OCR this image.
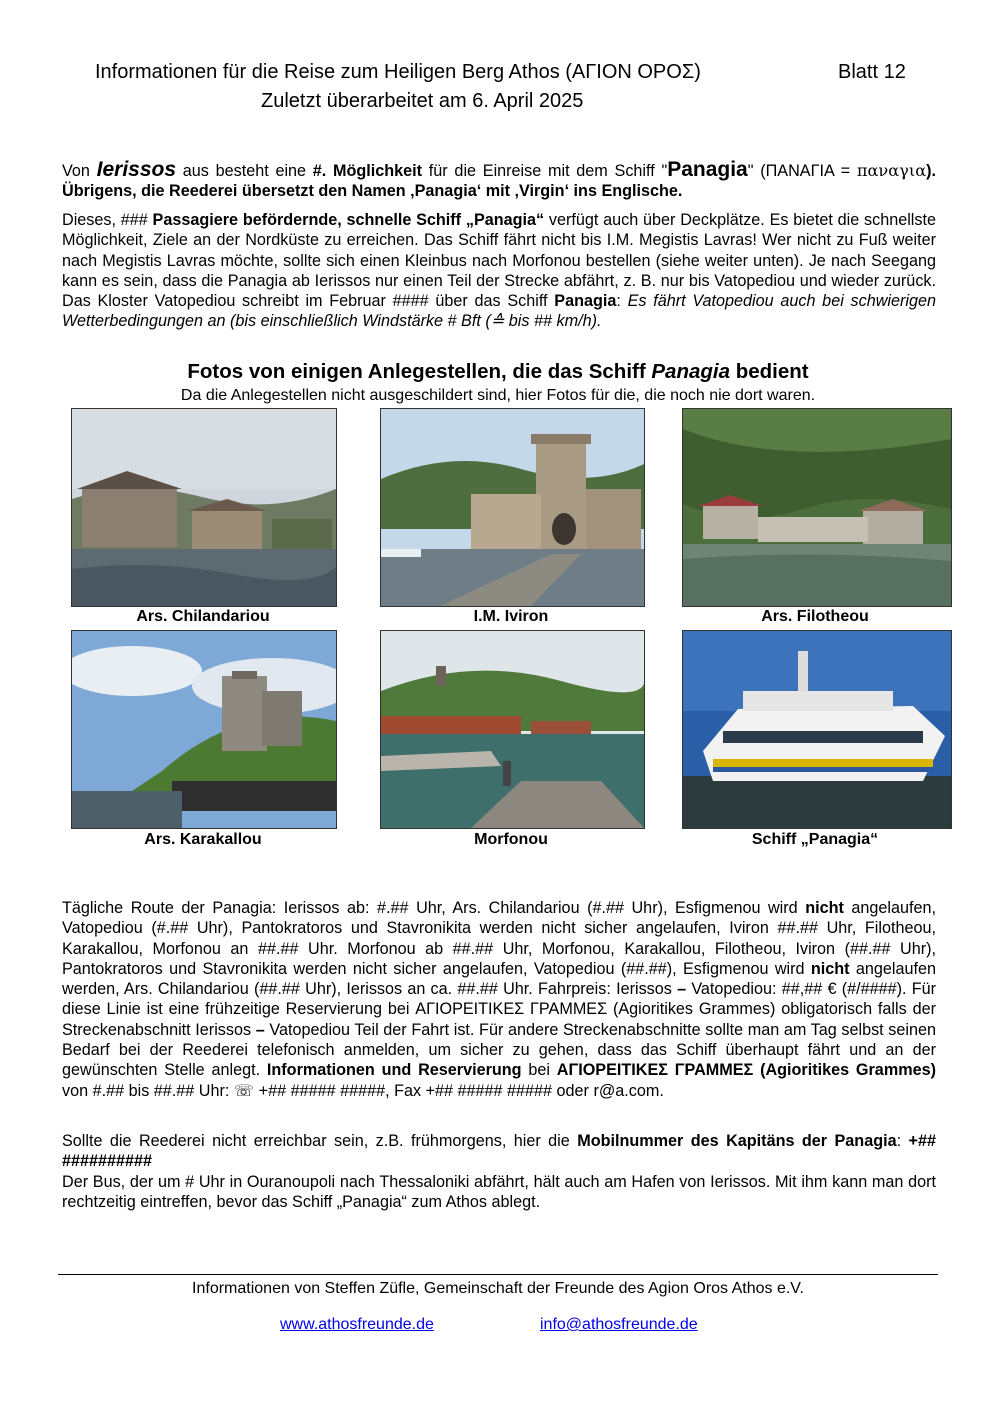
Informationen für die Reise zum Heiligen Berg Athos (ΑΓΙΟΝ ΟΡΟΣ)	Blatt 12
Zuletzt überarbeitet am 6. April 2025
Von Ierissos aus besteht eine #. Möglichkeit für die Einreise mit dem Schiff "Panagia" (ΠΑΝΑΓΙΑ = παναγια). Übrigens, die Reederei übersetzt den Namen ‚Panagia‘ mit ‚Virgin‘ ins Englische.
Dieses, ### Passagiere befördernde, schnelle Schiff „Panagia“ verfügt auch über Deckplätze. Es bietet die schnellste Möglichkeit, Ziele an der Nordküste zu erreichen. Das Schiff fährt nicht bis I.M. Megistis Lavras! Wer nicht zu Fuß weiter nach Megistis Lavras möchte, sollte sich einen Kleinbus nach Morfonou bestellen (siehe weiter unten). Je nach Seegang kann es sein, dass die Panagia ab Ierissos nur einen Teil der Strecke abfährt, z. B. nur bis Vatopediou und wieder zurück. Das Kloster Vatopediou schreibt im Februar #### über das Schiff Panagia: Es fährt Vatopediou auch bei schwierigen Wetterbedingungen an (bis einschließlich Windstärke # Bft (≙ bis ## km/h).
Fotos von einigen Anlegestellen, die das Schiff Panagia bedient
Da die Anlegestellen nicht ausgeschildert sind, hier Fotos für die, die noch nie dort waren.
Ars. Chilandariou	I.M. Iviron	Ars. Filotheou
Ars. Karakallou	Morfonou	Schiff „Panagia“
Tägliche Route der Panagia: Ierissos ab: #.## Uhr, Ars. Chilandariou (#.## Uhr), Esfigmenou wird nicht angelaufen, Vatopediou (#.## Uhr), Pantokratoros und Stavronikita werden nicht sicher angelaufen, Iviron ##.## Uhr, Filotheou, Karakallou, Morfonou an ##.## Uhr. Morfonou ab ##.## Uhr, Morfonou, Karakallou, Filotheou, Iviron (##.## Uhr), Pantokratoros und Stavronikita werden nicht sicher angelaufen, Vatopediou (##.##), Esfigmenou wird nicht angelaufen werden, Ars. Chilandariou (##.## Uhr), Ierissos an ca. ##.## Uhr. Fahrpreis: Ierissos – Vatopediou: ##,## € (#/####). Für diese Linie ist eine frühzeitige Reservierung bei ΑΓΙΟΡΕΙΤΙΚΕΣ ΓΡΑΜΜΕΣ (Agioritikes Grammes) obligatorisch falls der Streckenabschnitt Ierissos – Vatopediou Teil der Fahrt ist. Für andere Streckenabschnitte sollte man am Tag selbst seinen Bedarf bei der Reederei telefonisch anmelden, um sicher zu gehen, dass das Schiff überhaupt fährt und an der gewünschten Stelle anlegt. Informationen und Reservierung bei ΑΓΙΟΡΕΙΤΙΚΕΣ ΓΡΑΜΜΕΣ (Agioritikes Grammes) von #.## bis ##.## Uhr: ☏ +## ##### #####, Fax +## ##### ##### oder r@a.com.
Sollte die Reederei nicht erreichbar sein, z.B. frühmorgens, hier die Mobilnummer des Kapitäns der Panagia: +## ##########
Der Bus, der um # Uhr in Ouranoupoli nach Thessaloniki abfährt, hält auch am Hafen von Ierissos. Mit ihm kann man dort rechtzeitig eintreffen, bevor das Schiff „Panagia“ zum Athos ablegt.
Informationen von Steffen Züfle, Gemeinschaft der Freunde des Agion Oros Athos e.V.
www.athosfreunde.de	info@athosfreunde.de
